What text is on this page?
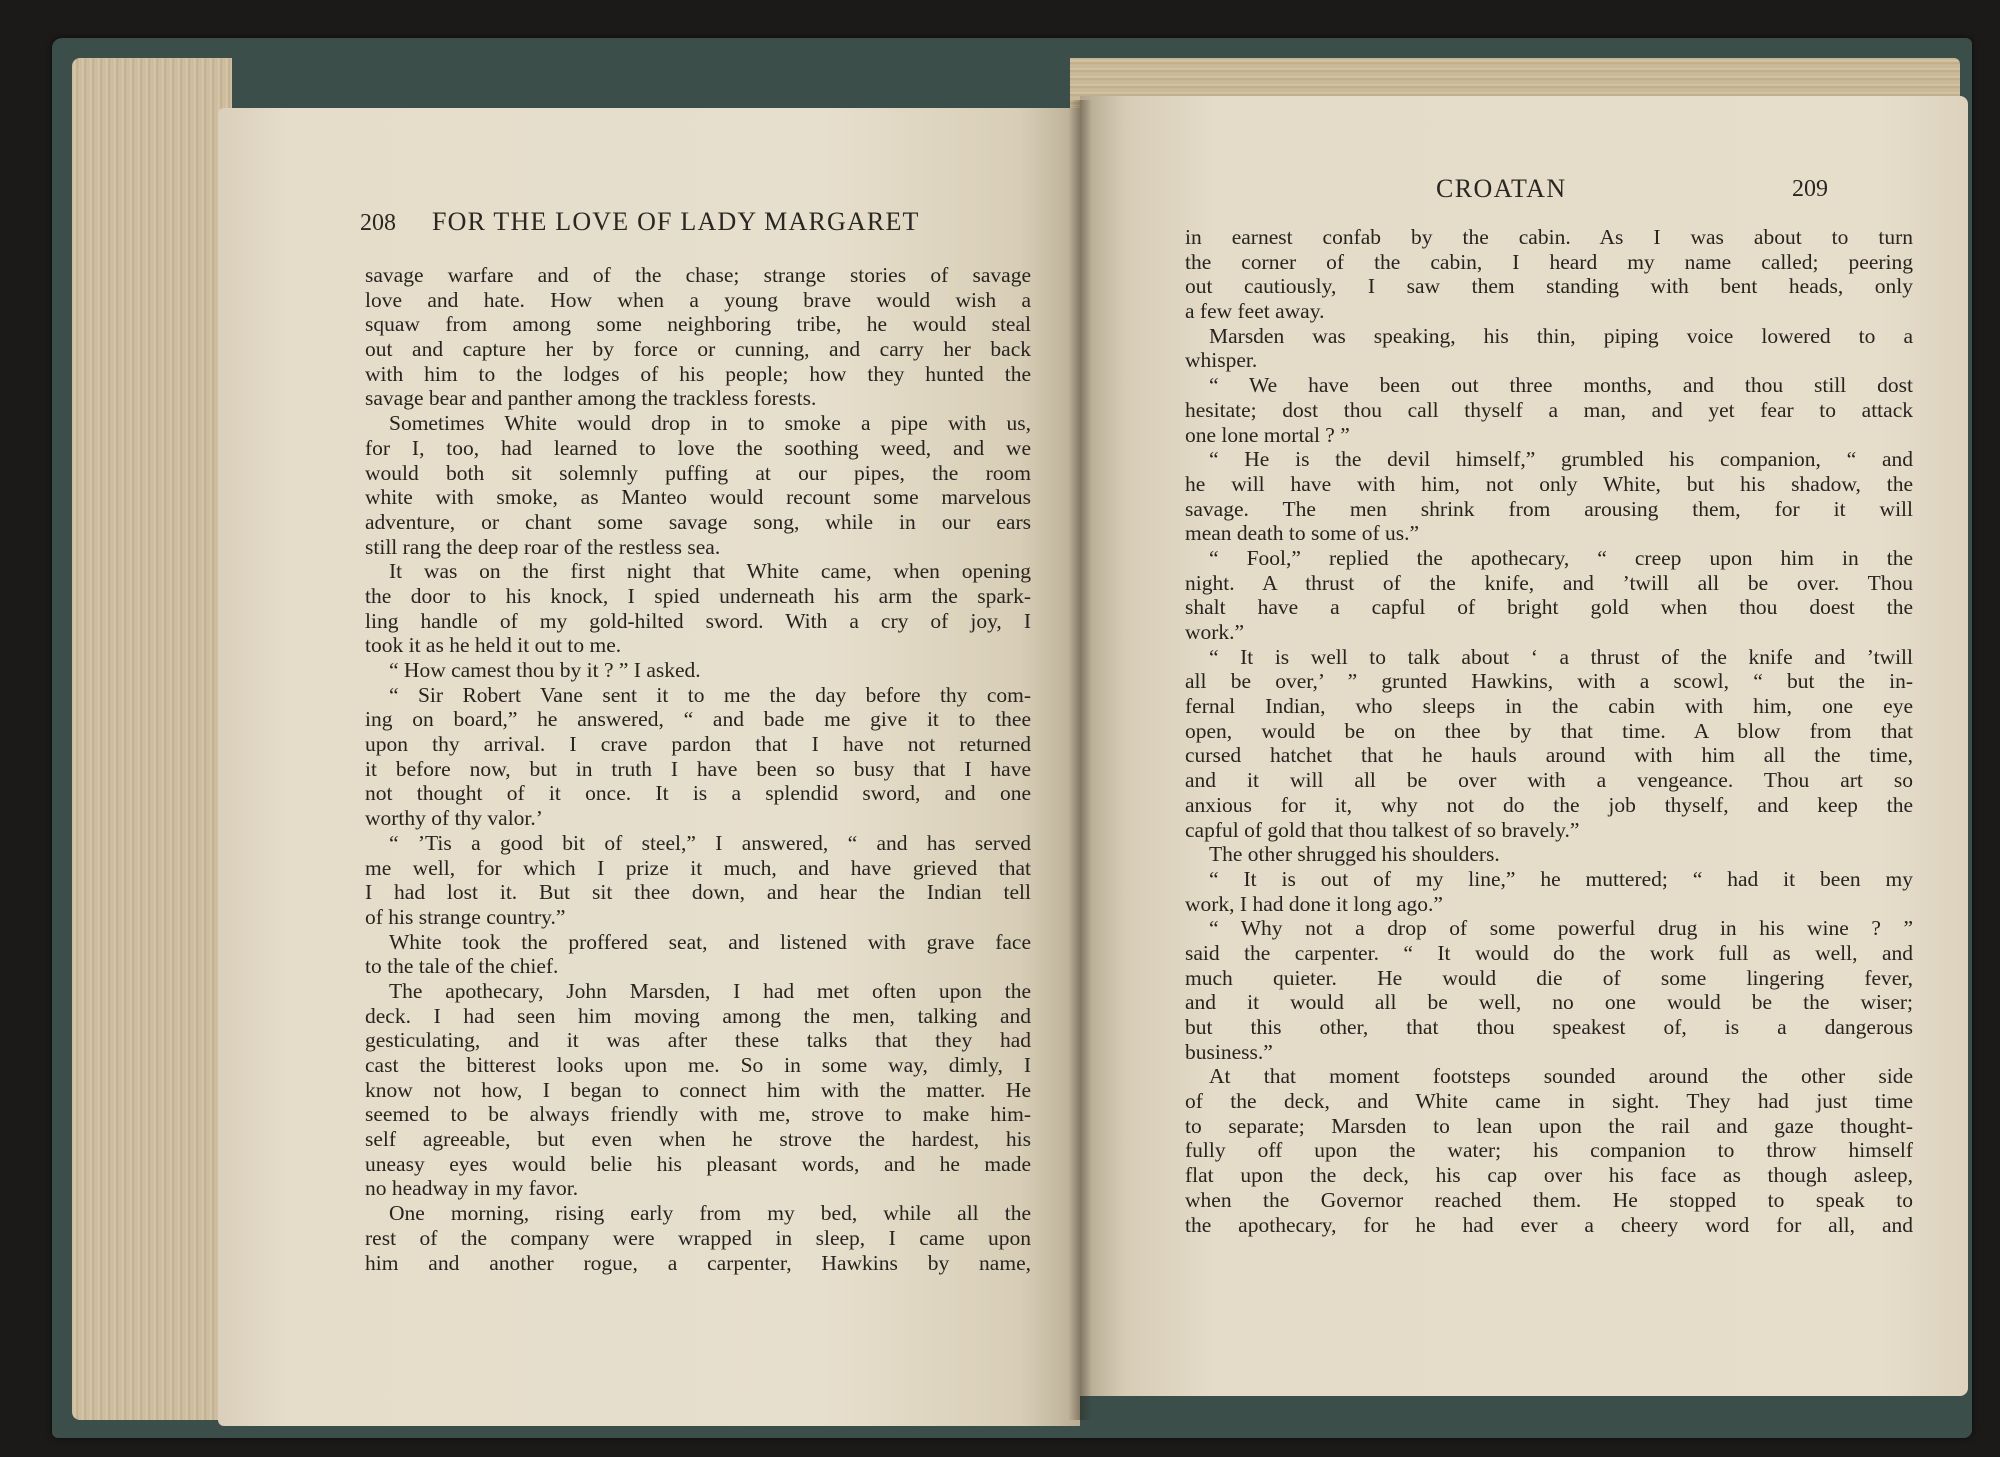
208 FOR THE LOVE OF LADY MARGARET
savage warfare and of the chase; strange stories of savage
love and hate. How when a young brave would wish a
squaw from among some neighboring tribe, he would steal
out and capture her by force or cunning, and carry her back
with him to the lodges of his people; how they hunted the
savage bear and panther among the trackless forests.
Sometimes White would drop in to smoke a pipe with us,
for I, too, had learned to love the soothing weed, and we
would both sit solemnly puffing at our pipes, the room
white with smoke, as Manteo would recount some marvelous
adventure, or chant some savage song, while in our ears
still rang the deep roar of the restless sea.
It was on the first night that White came, when opening
the door to his knock, I spied underneath his arm the spark-
ling handle of my gold-hilted sword. With a cry of joy, I
took it as he held it out to me.
“ How camest thou by it ? ” I asked.
“ Sir Robert Vane sent it to me the day before thy com-
ing on board,” he answered, “ and bade me give it to thee
upon thy arrival. I crave pardon that I have not returned
it before now, but in truth I have been so busy that I have
not thought of it once. It is a splendid sword, and one
worthy of thy valor.’
“ ’Tis a good bit of steel,” I answered, “ and has served
me well, for which I prize it much, and have grieved that
I had lost it. But sit thee down, and hear the Indian tell
of his strange country.”
White took the proffered seat, and listened with grave face
to the tale of the chief.
The apothecary, John Marsden, I had met often upon the
deck. I had seen him moving among the men, talking and
gesticulating, and it was after these talks that they had
cast the bitterest looks upon me. So in some way, dimly, I
know not how, I began to connect him with the matter. He
seemed to be always friendly with me, strove to make him-
self agreeable, but even when he strove the hardest, his
uneasy eyes would belie his pleasant words, and he made
no headway in my favor.
One morning, rising early from my bed, while all the
rest of the company were wrapped in sleep, I came upon
him and another rogue, a carpenter, Hawkins by name,
CROATAN	209
in earnest confab by the cabin. As I was about to turn
the corner of the cabin, I heard my name called; peering
out cautiously, I saw them standing with bent heads, only
a few feet away.
Marsden was speaking, his thin, piping voice lowered to a
whisper.
“ We have been out three months, and thou still dost
hesitate; dost thou call thyself a man, and yet fear to attack
one lone mortal ? ”
“ He is the devil himself,” grumbled his companion, “ and
he will have with him, not only White, but his shadow, the
savage. The men shrink from arousing them, for it will
mean death to some of us.”
“ Fool,” replied the apothecary, “ creep upon him in the
night. A thrust of the knife, and ’twill all be over. Thou
shalt have a capful of bright gold when thou doest the
work.”
“ It is well to talk about ‘ a thrust of the knife and ’twill
all be over,’ ” grunted Hawkins, with a scowl, “ but the in-
fernal Indian, who sleeps in the cabin with him, one eye
open, would be on thee by that time. A blow from that
cursed hatchet that he hauls around with him all the time,
and it will all be over with a vengeance. Thou art so
anxious for it, why not do the job thyself, and keep the
capful of gold that thou talkest of so bravely.”
The other shrugged his shoulders.
“ It is out of my line,” he muttered; “ had it been my
work, I had done it long ago.”
“ Why not a drop of some powerful drug in his wine ? ”
said the carpenter. “ It would do the work full as well, and
much quieter. He would die of some lingering fever,
and it would all be well, no one would be the wiser;
but this other, that thou speakest of, is a dangerous
business.”
At that moment footsteps sounded around the other side
of the deck, and White came in sight. They had just time
to separate; Marsden to lean upon the rail and gaze thought-
fully off upon the water; his companion to throw himself
flat upon the deck, his cap over his face as though asleep,
when the Governor reached them. He stopped to speak to
the apothecary, for he had ever a cheery word for all, and
